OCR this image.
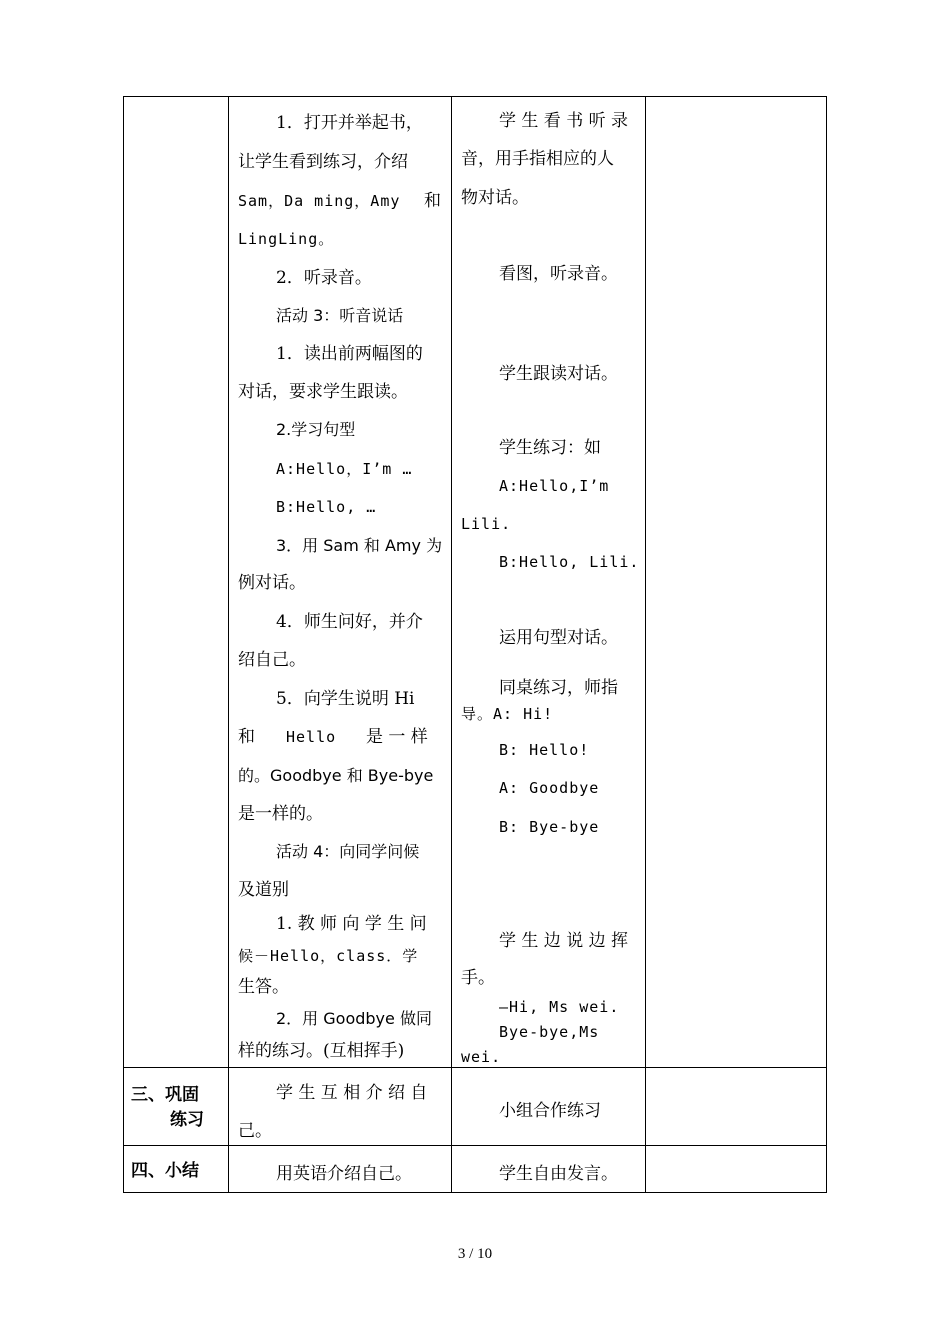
1．打开并举起书，
让学生看到练习，介绍
Sam，Da ming，Amy 和
LingLing。
2．听录音。
活动 3：听音说话
1．读出前两幅图的
对话，要求学生跟读。
2.学习句型
A:Hello，I’m …
B:Hello, …
3．用 Sam 和 Amy 为
例对话。
4．师生问好，并介
绍自己。
5．向学生说明 Hi
和 Hello 是 一 样
的。Goodbye 和 Bye-bye
是一样的。
活动 4：向同学问候
及道别
1. 教 师 向 学 生 问
候－Hello，class．学
生答。
2．用 Goodbye 做同
样的练习。(互相挥手)
学 生 看 书 听 录
音，用手指相应的人
物对话。
看图，听录音。
学生跟读对话。
学生练习：如
A:Hello,I’m
Lili.
B:Hello, Lili.
运用句型对话。
同桌练习，师指
导。A: Hi!
B: Hello!
A: Goodbye
B: Bye-bye
学 生 边 说 边 挥
手。
—Hi, Ms wei.
Bye-bye,Ms
wei.
三、巩固
练习
学 生 互 相 介 绍 自
己。
小组合作练习
四、小结	用英语介绍自己。	学生自由发言。
3 / 10
